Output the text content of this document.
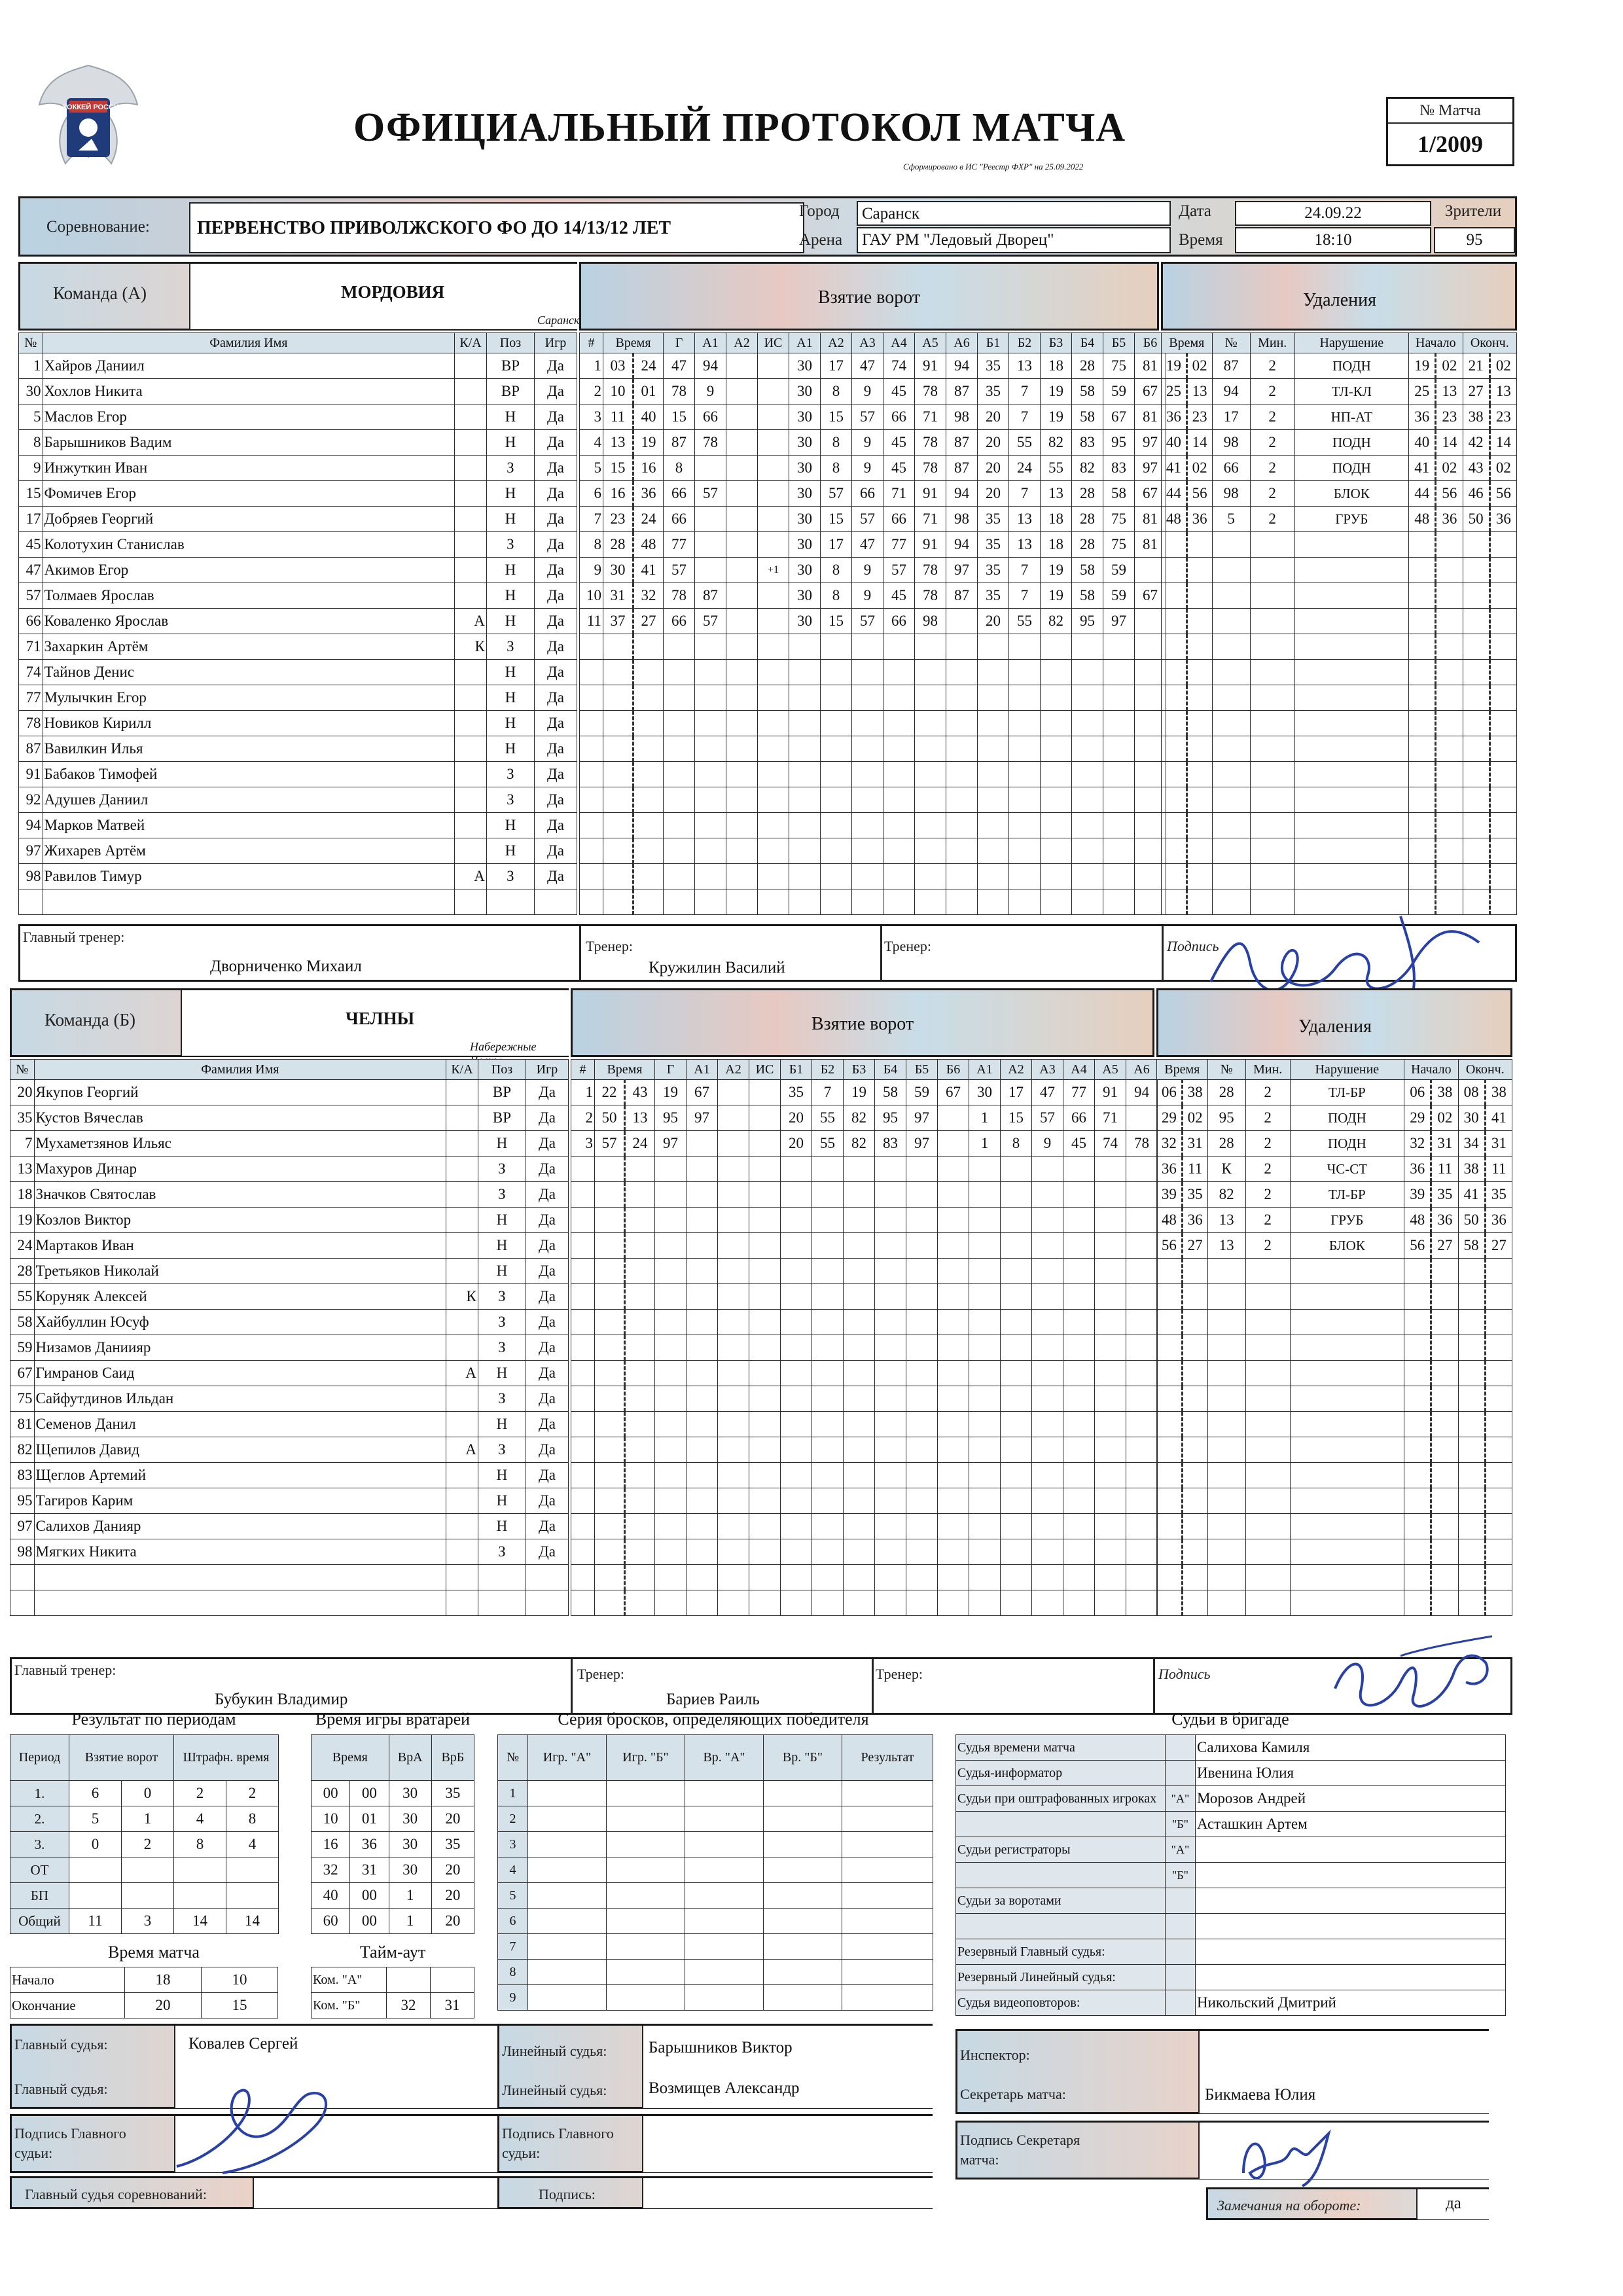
ХОККЕЙ РОССИИ	ОФИЦИАЛЬНЫЙ ПРОТОКОЛ МАТЧА
Сформировано в ИС "Реестр ФХР" на 25.09.2022
№ Матча
1/2009
Соревнование:	ПЕРВЕНСТВО ПРИВОЛЖСКОГО ФО ДО 14/13/12 ЛЕТ
Город Саранск
Арена ГАУ РМ "Ледовый Дворец"
Дата	24.09.22
Время	18:10
Зрители
95
Команда (А)	МОРДОВИЯ
Саранск
Взятие ворот	Удаления
№	Фамилия Имя	К/А	Поз	Игр
1	Хайров Даниил		ВР	Да
30	Хохлов Никита		ВР	Да
5	Маслов Егор		Н	Да
8	Барышников Вадим		Н	Да
9	Инжуткин Иван		З	Да
15	Фомичев Егор		Н	Да
17	Добряев Георгий		Н	Да
45	Колотухин Станислав		З	Да
47	Акимов Егор		Н	Да
57	Толмаев Ярослав		Н	Да
66	Коваленко Ярослав	А	Н	Да
71	Захаркин Артём	К	З	Да
74	Тайнов Денис		Н	Да
77	Мулычкин Егор		Н	Да
78	Новиков Кирилл		Н	Да
87	Вавилкин Илья		Н	Да
91	Бабаков Тимофей		З	Да
92	Адушев Даниил		З	Да
94	Марков Матвей		Н	Да
97	Жихарев Артём		Н	Да
98	Равилов Тимур	А	З	Да

#	Время		Г	А1	А2	ИС	А1	А2	А3	А4	А5	А6	Б1	Б2	Б3	Б4	Б5	Б6
1	03	24	47	94			30	17	47	74	91	94	35	13	18	28	75	81
2	10	01	78	9			30	8	9	45	78	87	35	7	19	58	59	67
3	11	40	15	66			30	15	57	66	71	98	20	7	19	58	67	81
4	13	19	87	78			30	8	9	45	78	87	20	55	82	83	95	97
5	15	16	8				30	8	9	45	78	87	20	24	55	82	83	97
6	16	36	66	57			30	57	66	71	91	94	20	7	13	28	58	67
7	23	24	66				30	15	57	66	71	98	35	13	18	28	75	81
8	28	48	77				30	17	47	77	91	94	35	13	18	28	75	81
9	30	41	57			+1	30	8	9	57	78	97	35	7	19	58	59	
10	31	32	78	87			30	8	9	45	78	87	35	7	19	58	59	67
11	37	27	66	57			30	15	57	66	98		20	55	82	95	97	

Время		№	Мин.	Нарушение	Начало		Оконч.	
19	02	87	2	ПОДН	19	02	21	02
25	13	94	2	ТЛ-КЛ	25	13	27	13
36	23	17	2	НП-АТ	36	23	38	23
40	14	98	2	ПОДН	40	14	42	14
41	02	66	2	ПОДН	41	02	43	02
44	56	98	2	БЛОК	44	56	46	56
48	36	5	2	ГРУБ	48	36	50	36

Главный тренер:
Дворниченко Михаил
Тренер:
Кружилин Василий
Тренер:	Подпись
Команда (Б)	ЧЕЛНЫ
Набережные
Взятие ворот	Удаления
№	Фамилия Имя	К/А	Поз	Игр
20	Якупов Георгий		ВР	Да
35	Кустов Вячеслав		ВР	Да
7	Мухаметзянов Ильяс		Н	Да
13	Махуров Динар		З	Да
18	Значков Святослав		З	Да
19	Козлов Виктор		Н	Да
24	Мартаков Иван		Н	Да
28	Третьяков Николай		Н	Да
55	Коруняк Алексей	К	З	Да
58	Хайбуллин Юсуф		З	Да
59	Низамов Даниияр		З	Да
67	Гимранов Саид	А	Н	Да
75	Сайфутдинов Ильдан		З	Да
81	Семенов Данил		Н	Да
82	Щепилов Давид	А	З	Да
83	Щеглов Артемий		Н	Да
95	Тагиров Карим		Н	Да
97	Салихов Данияр		Н	Да
98	Мягких Никита		З	Да

#	Время		Г	А1	А2	ИС	Б1	Б2	Б3	Б4	Б5	Б6	А1	А2	А3	А4	А5	А6
1	22	43	19	67			35	7	19	58	59	67	30	17	47	77	91	94
2	50	13	95	97			20	55	82	95	97		1	15	57	66	71	
3	57	24	97				20	55	82	83	97		1	8	9	45	74	78

Время		№	Мин.	Нарушение	Начало		Оконч.	
06	38	28	2	ТЛ-БР	06	38	08	38
29	02	95	2	ПОДН	29	02	30	41
32	31	28	2	ПОДН	32	31	34	31
36	11	К	2	ЧС-СТ	36	11	38	11
39	35	82	2	ТЛ-БР	39	35	41	35
48	36	13	2	ГРУБ	48	36	50	36
56	27	13	2	БЛОК	56	27	58	27

Главный тренер:
Бубукин Владимир
Тренер:
Бариев Раиль
Тренер:	Подпись
Результат по периодам
Период	Взятие ворот		Штрафн. время	
1.	6	0	2	2
2.	5	1	4	8
3.	0	2	8	4
ОТ				
БП				
Общий	11	3	14	14
Время игры вратарей
Время		ВрА	ВрБ
00	00	30	35
10	01	30	20
16	36	30	35
32	31	30	20
40	00	1	20
60	00	1	20
Время матча
Начало	18	10
Окончание	20	15
Тайм-аут
Ком. "А"		
Ком. "Б"	32	31
Серия бросков, определяющих победителя
№	Игр. "А"	Игр. "Б"	Вр. "А"	Вр. "Б"	Результат
1					
2					
3					
4					
5					
6					
7					
8					
9					
Судьи в бригаде
Судья времени матча		Салихова Камиля
Судья-информатор		Ивенина Юлия
Судьи при оштрафованных игроках	"А"	Морозов Андрей
	"Б"	Асташкин Артем
Судьи регистраторы	"А"	
	"Б"	
Судьи за воротами		

Резервный Главный судья:		
Резервный Линейный судья:		
Судья видеоповторов:		Никольский Дмитрий
Главный судья:	Ковалев Сергей
Главный судья:
Линейный судья:	Барышников Виктор
Линейный судья:	Возмищев Александр
Инспектор:
Секретарь матча:	Бикмаева Юлия
Подпись Главного судьи:
Подпись Главного судьи:
Подпись Секретаря матча:
Главный судья соревнований:	Подпись:
Замечания на обороте:	да
